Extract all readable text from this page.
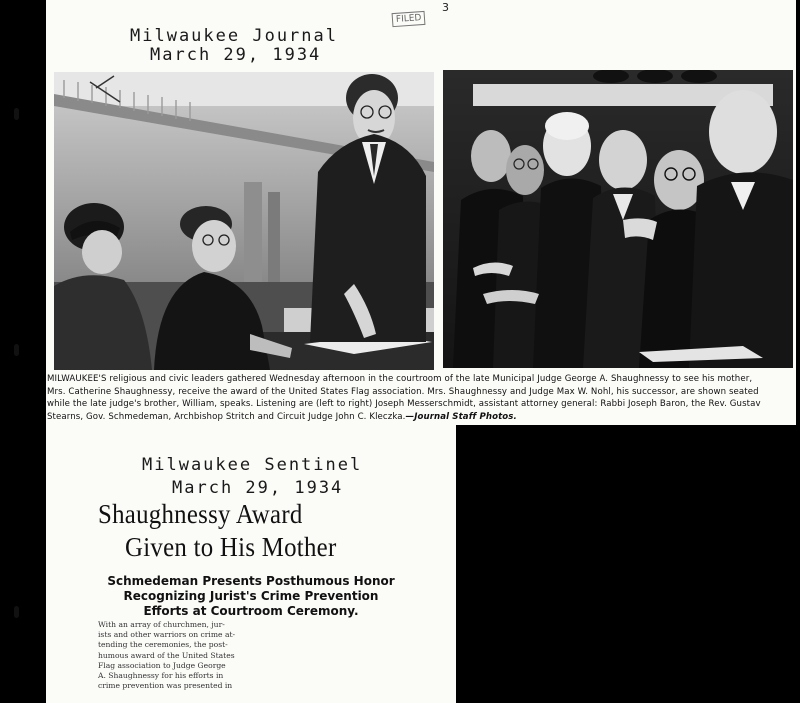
Milwaukee Journal
March 29, 1934
3
FILED
MILWAUKEE'S religious and civic leaders gathered Wednesday afternoon in the courtroom of the late Municipal Judge George A. Shaughnessy to see his mother,
Mrs. Catherine Shaughnessy, receive the award of the United States Flag association. Mrs. Shaughnessy and Judge Max W. Nohl, his successor, are shown seated
while the late judge's brother, William, speaks. Listening are (left to right) Joseph Messerschmidt, assistant attorney general: Rabbi Joseph Baron, the Rev. Gustav
Stearns, Gov. Schmedeman, Archbishop Stritch and Circuit Judge John C. Kleczka.—Journal Staff Photos.
Milwaukee Sentinel
March 29, 1934
Shaughnessy Award
Given to His Mother
Schmedeman Presents Posthumous Honor
Recognizing Jurist's Crime Prevention
Efforts at Courtroom Ceremony.
With an array of churchmen, jur-
ists and other warriors on crime at-
tending the ceremonies, the post-
humous award of the United States
Flag association to Judge George
A. Shaughnessy for his efforts in
crime prevention was presented in
